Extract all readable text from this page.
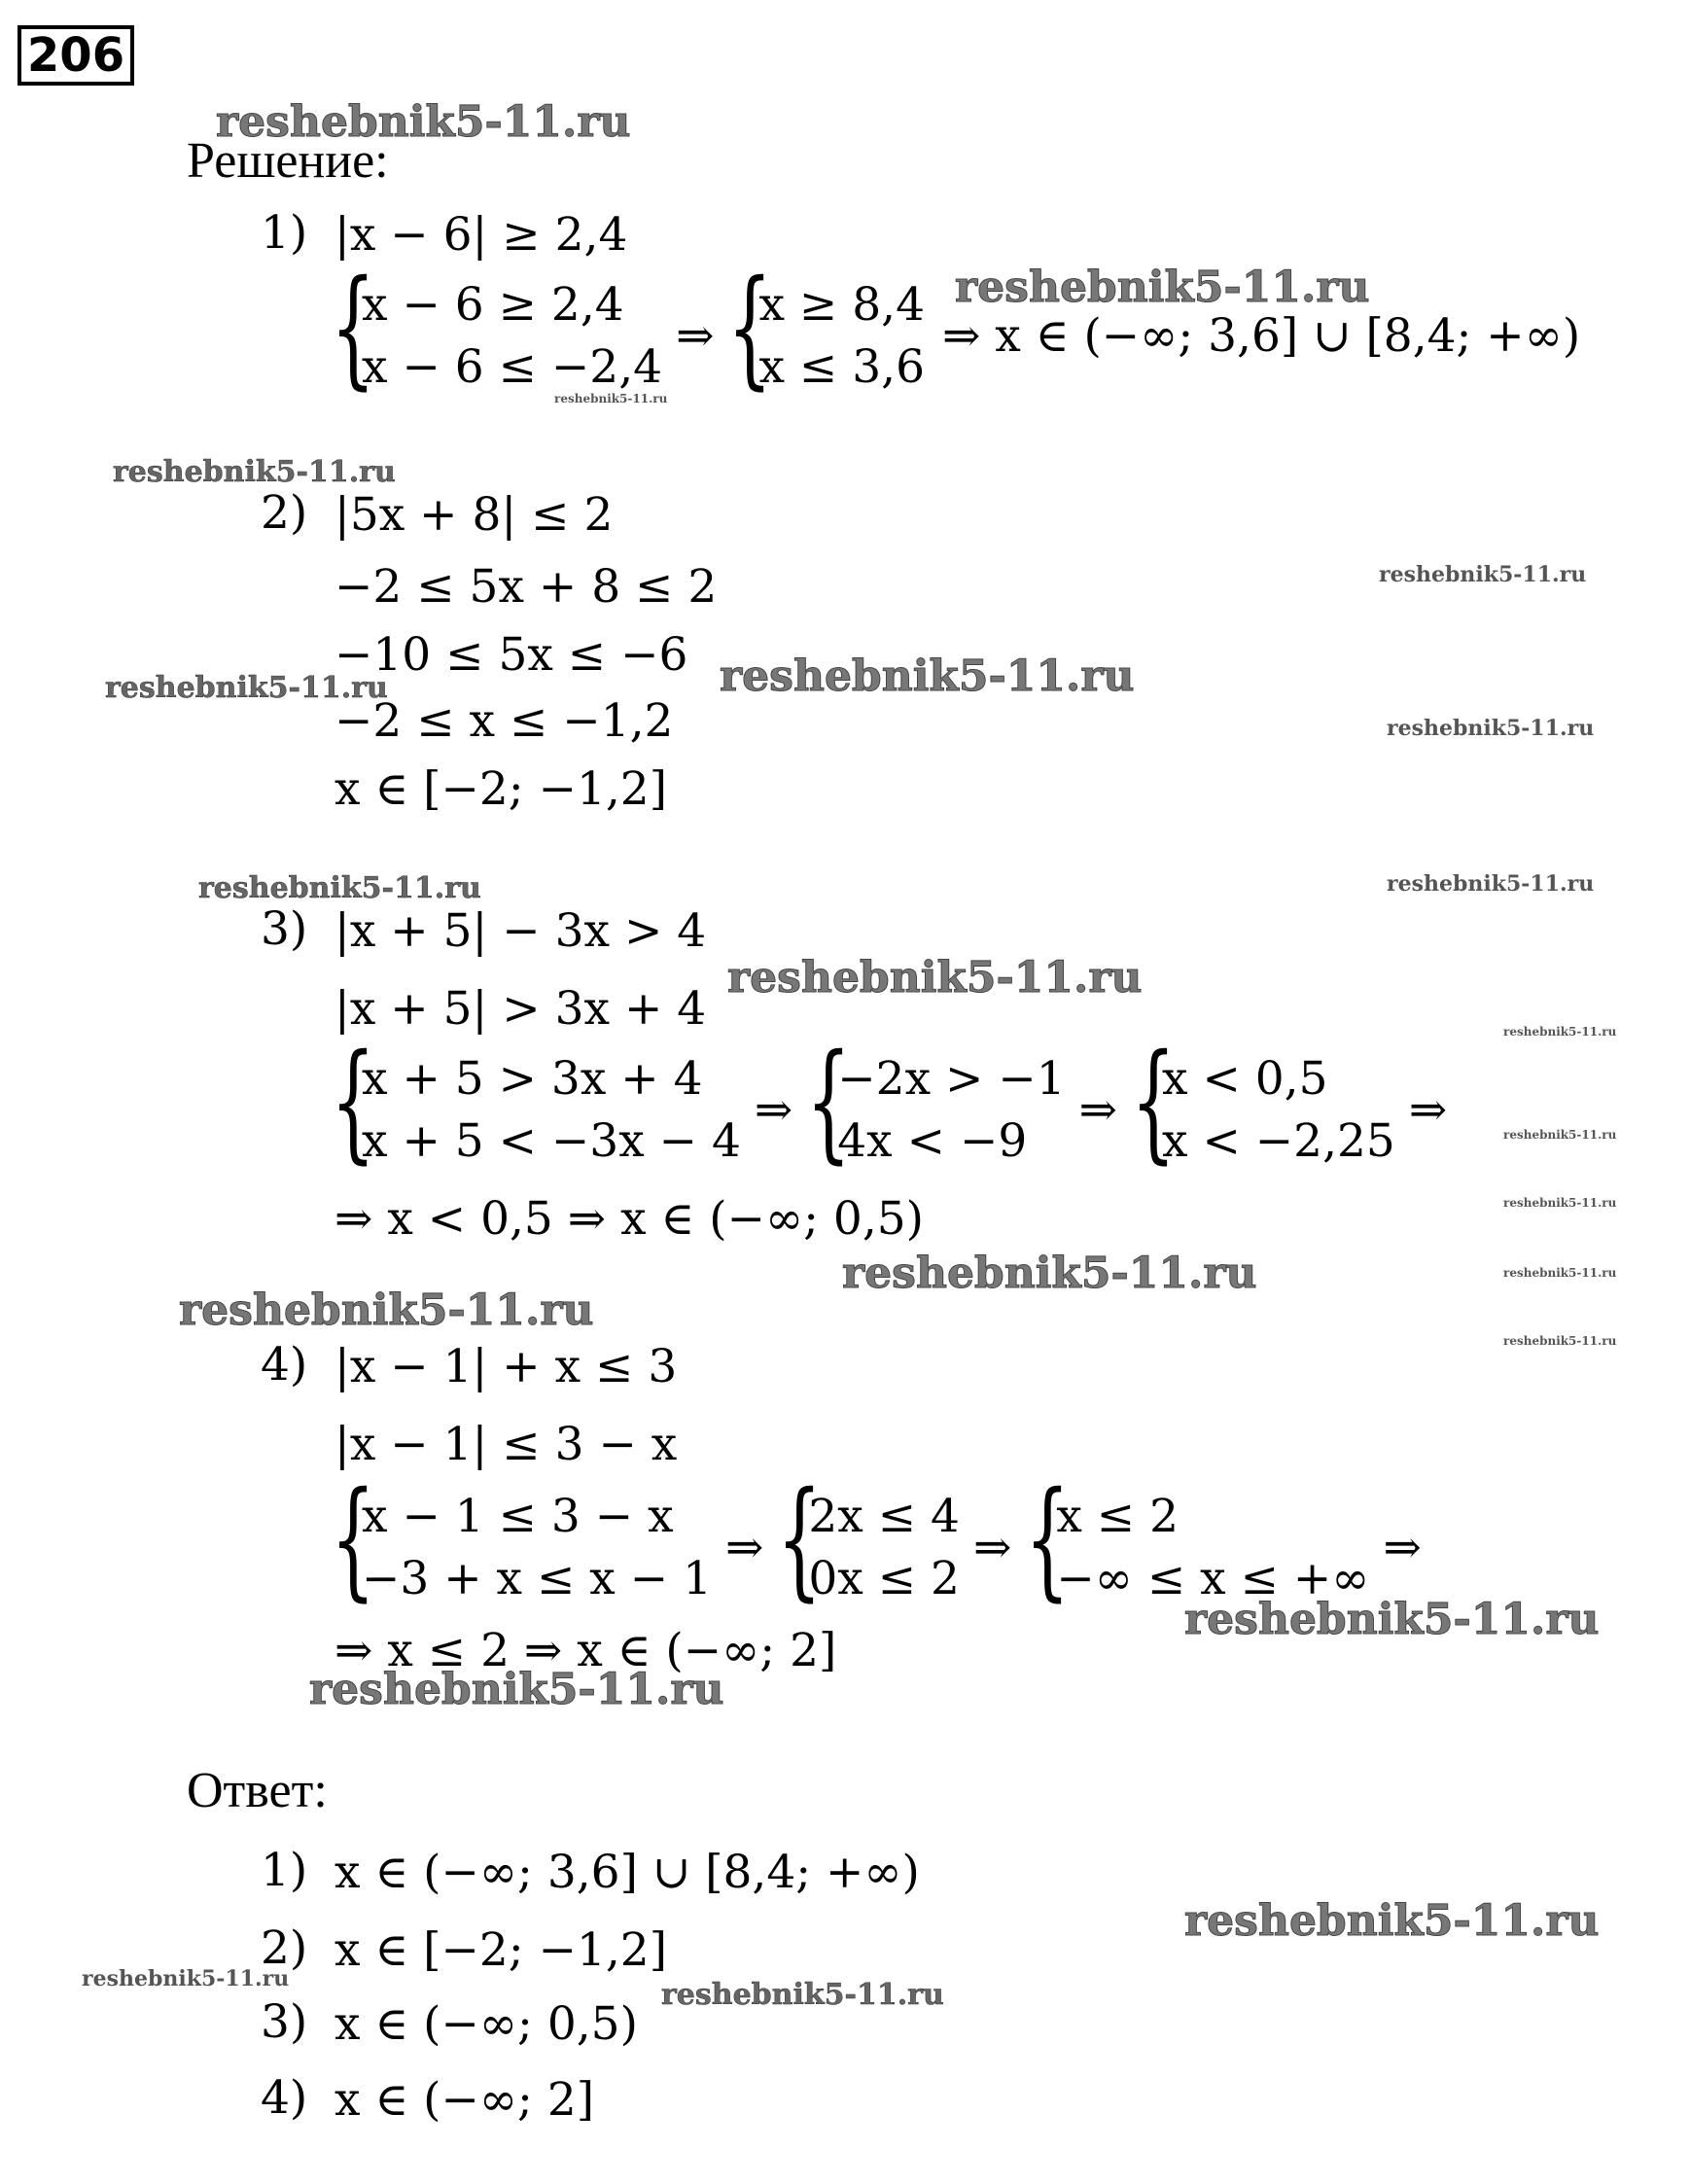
206
Решение:
1) |x − 6| ≥ 2,4
{
x − 6 ≥ 2,4
x − 6 ≤ −2,4
⇒ {
x ≥ 8,4
x ≤ 3,6
⇒ x ∈ (−∞; 3,6] ∪ [8,4; +∞)
2) |5x + 8| ≤ 2
−2 ≤ 5x + 8 ≤ 2
−10 ≤ 5x ≤ −6
−2 ≤ x ≤ −1,2
x ∈ [−2; −1,2]
3) |x + 5| − 3x > 4
|x + 5| > 3x + 4
{
x + 5 > 3x + 4
x + 5 < −3x − 4
⇒ {
−2x > −1
4x < −9
⇒ {
x < 0,5
x < −2,25
⇒
⇒ x < 0,5 ⇒ x ∈ (−∞; 0,5)
4) |x − 1| + x ≤ 3
|x − 1| ≤ 3 − x
{
x − 1 ≤ 3 − x
−3 + x ≤ x − 1
⇒ {
2x ≤ 4
0x ≤ 2
⇒ {
x ≤ 2
−∞ ≤ x ≤ +∞
⇒
⇒ x ≤ 2 ⇒ x ∈ (−∞; 2]
Ответ:
1) x ∈ (−∞; 3,6] ∪ [8,4; +∞)
2) x ∈ [−2; −1,2]
3) x ∈ (−∞; 0,5)
4) x ∈ (−∞; 2]
reshebnik5-11.ru
reshebnik5-11.ru
reshebnik5-11.ru
reshebnik5-11.ru
reshebnik5-11.ru
reshebnik5-11.ru	reshebnik5-11.ru
reshebnik5-11.ru
reshebnik5-11.ru	reshebnik5-11.ru
reshebnik5-11.ru
reshebnik5-11.ru
reshebnik5-11.ru
reshebnik5-11.ru
reshebnik5-11.ru	reshebnik5-11.ru
reshebnik5-11.ru
reshebnik5-11.ru
reshebnik5-11.ru
reshebnik5-11.ru
reshebnik5-11.ru
reshebnik5-11.ru	reshebnik5-11.ru
